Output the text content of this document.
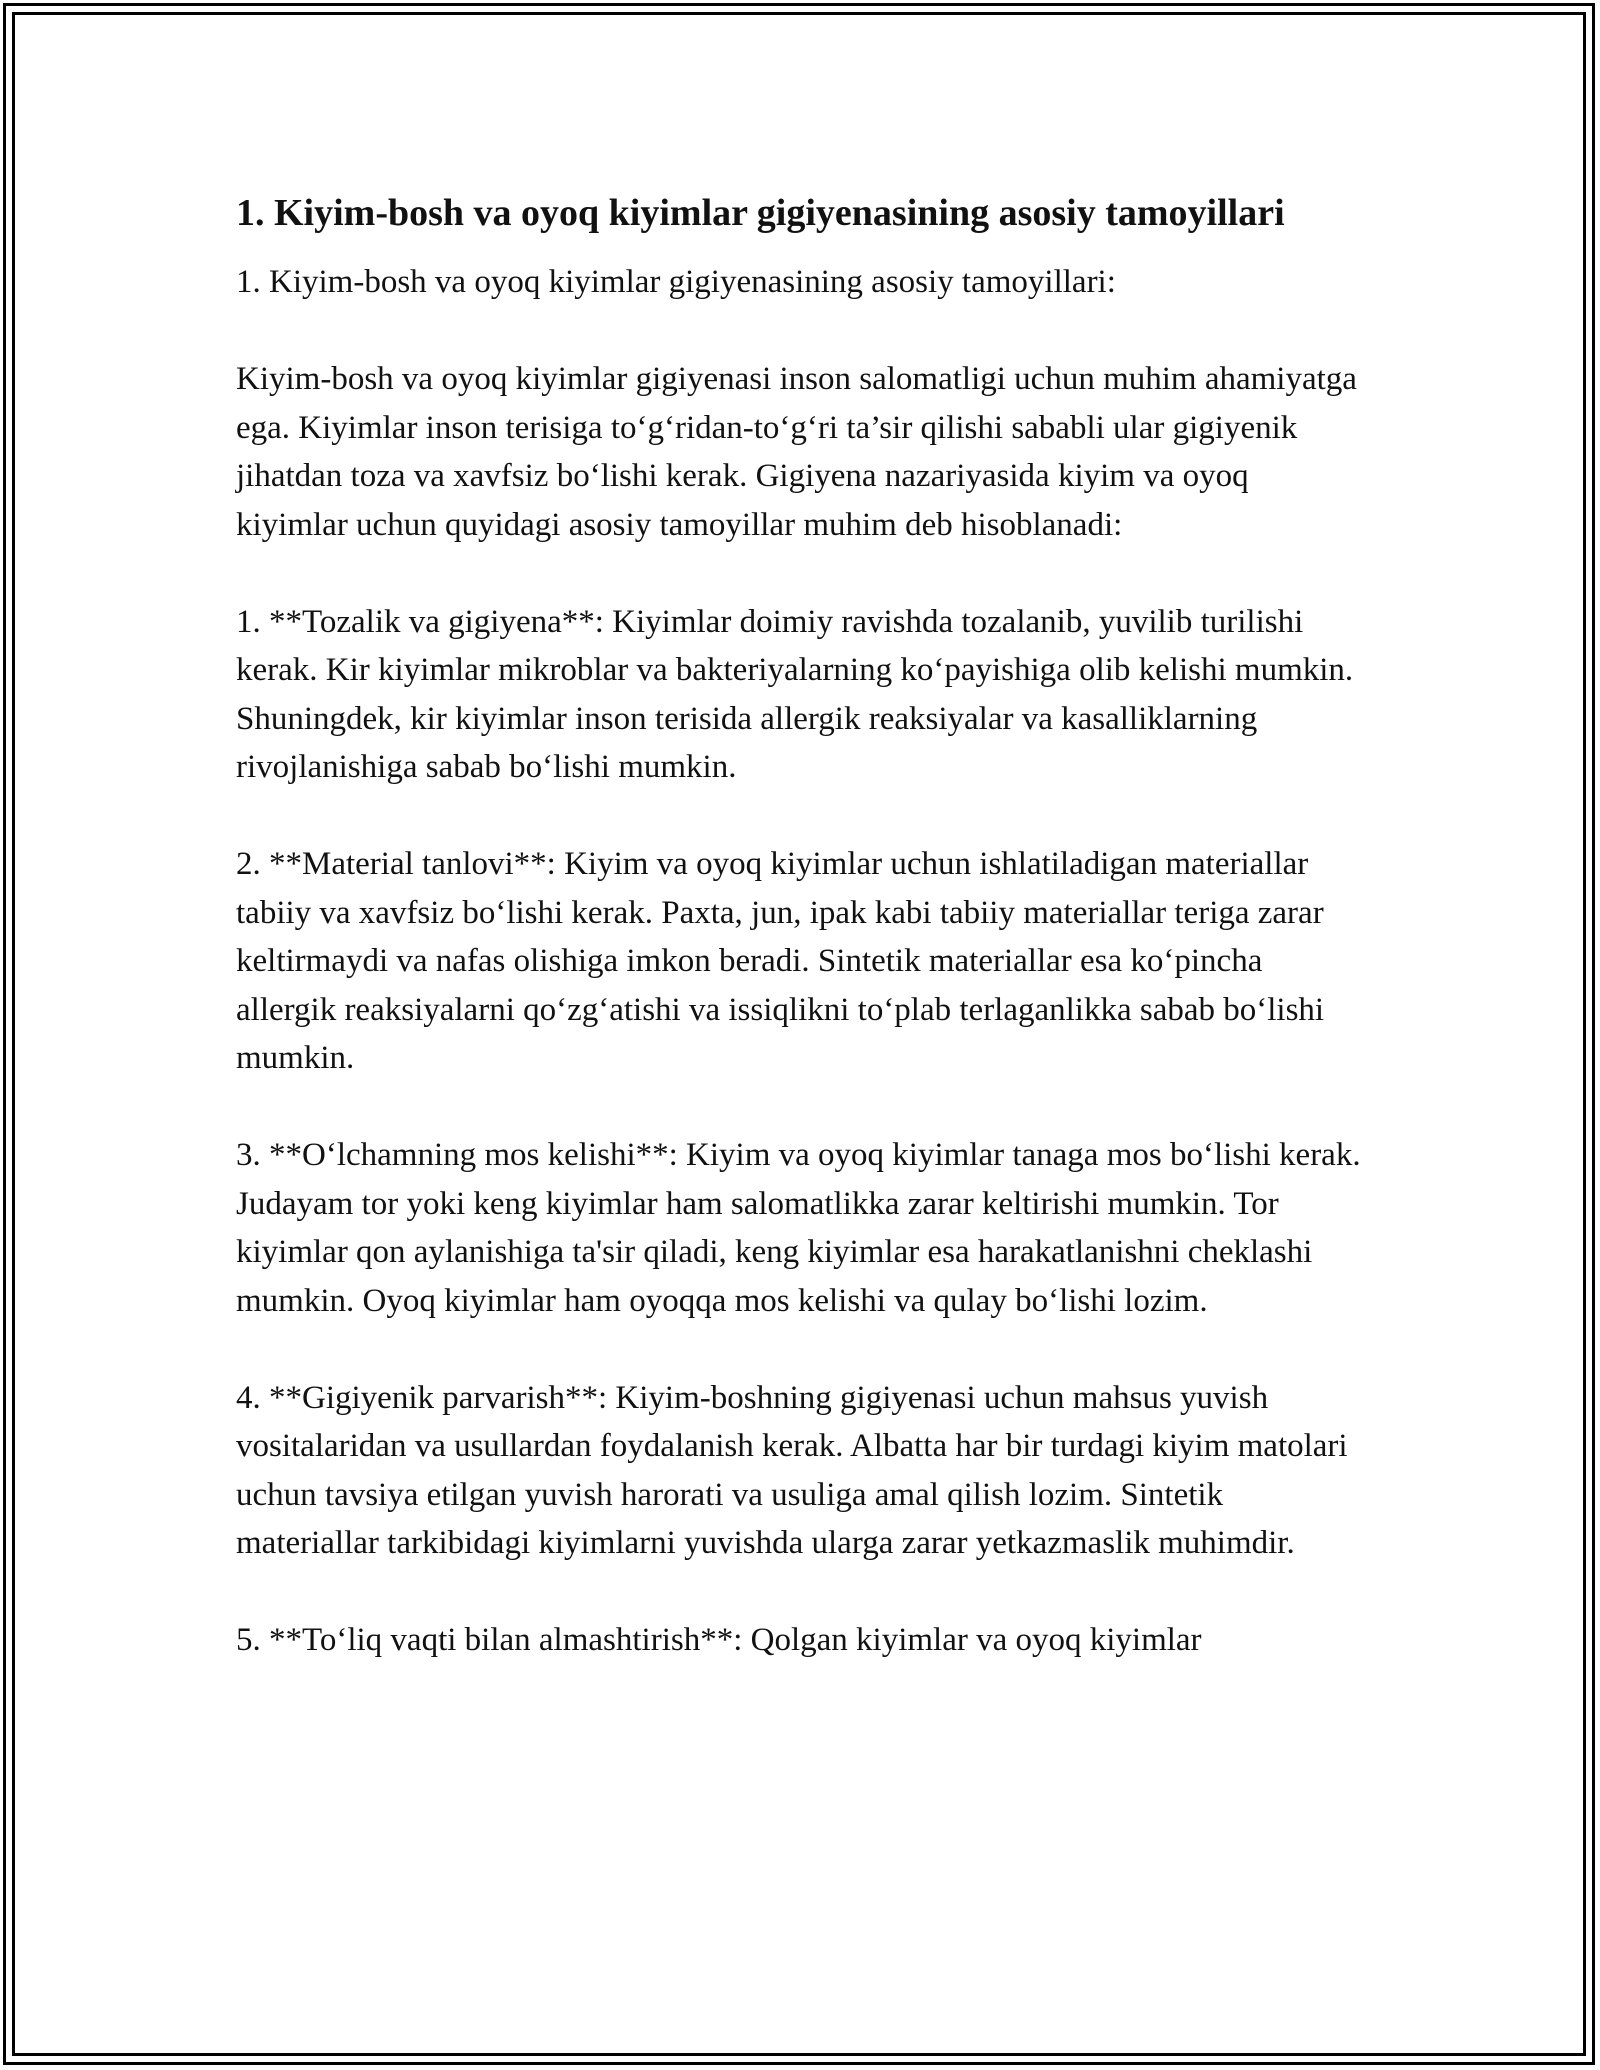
1. Kiyim-bosh va oyoq kiyimlar gigiyenasining asosiy tamoyillari

1. Kiyim-bosh va oyoq kiyimlar gigiyenasining asosiy tamoyillari:

Kiyim-bosh va oyoq kiyimlar gigiyenasi inson salomatligi uchun muhim ahamiyatga ega. Kiyimlar inson terisiga to‘g‘ridan-to‘g‘ri ta’sir qilishi sababli ular gigiyenik jihatdan toza va xavfsiz bo‘lishi kerak. Gigiyena nazariyasida kiyim va oyoq kiyimlar uchun quyidagi asosiy tamoyillar muhim deb hisoblanadi:

1. **Tozalik va gigiyena**: Kiyimlar doimiy ravishda tozalanib, yuvilib turilishi kerak. Kir kiyimlar mikroblar va bakteriyalarning ko‘payishiga olib kelishi mumkin. Shuningdek, kir kiyimlar inson terisida allergik reaksiyalar va kasalliklarning rivojlanishiga sabab bo‘lishi mumkin.

2. **Material tanlovi**: Kiyim va oyoq kiyimlar uchun ishlatiladigan materiallar tabiiy va xavfsiz bo‘lishi kerak. Paxta, jun, ipak kabi tabiiy materiallar teriga zarar keltirmaydi va nafas olishiga imkon beradi. Sintetik materiallar esa ko‘pincha allergik reaksiyalarni qo‘zg‘atishi va issiqlikni to‘plab terlaganlikka sabab bo‘lishi mumkin.

3. **O‘lchamning mos kelishi**: Kiyim va oyoq kiyimlar tanaga mos bo‘lishi kerak. Judayam tor yoki keng kiyimlar ham salomatlikka zarar keltirishi mumkin. Tor kiyimlar qon aylanishiga ta'sir qiladi, keng kiyimlar esa harakatlanishni cheklashi mumkin. Oyoq kiyimlar ham oyoqqa mos kelishi va qulay bo‘lishi lozim.

4. **Gigiyenik parvarish**: Kiyim-boshning gigiyenasi uchun mahsus yuvish vositalaridan va usullardan foydalanish kerak. Albatta har bir turdagi kiyim matolari uchun tavsiya etilgan yuvish harorati va usuliga amal qilish lozim. Sintetik materiallar tarkibidagi kiyimlarni yuvishda ularga zarar yetkazmaslik muhimdir.

5. **To‘liq vaqti bilan almashtirish**: Qolgan kiyimlar va oyoq kiyimlar
